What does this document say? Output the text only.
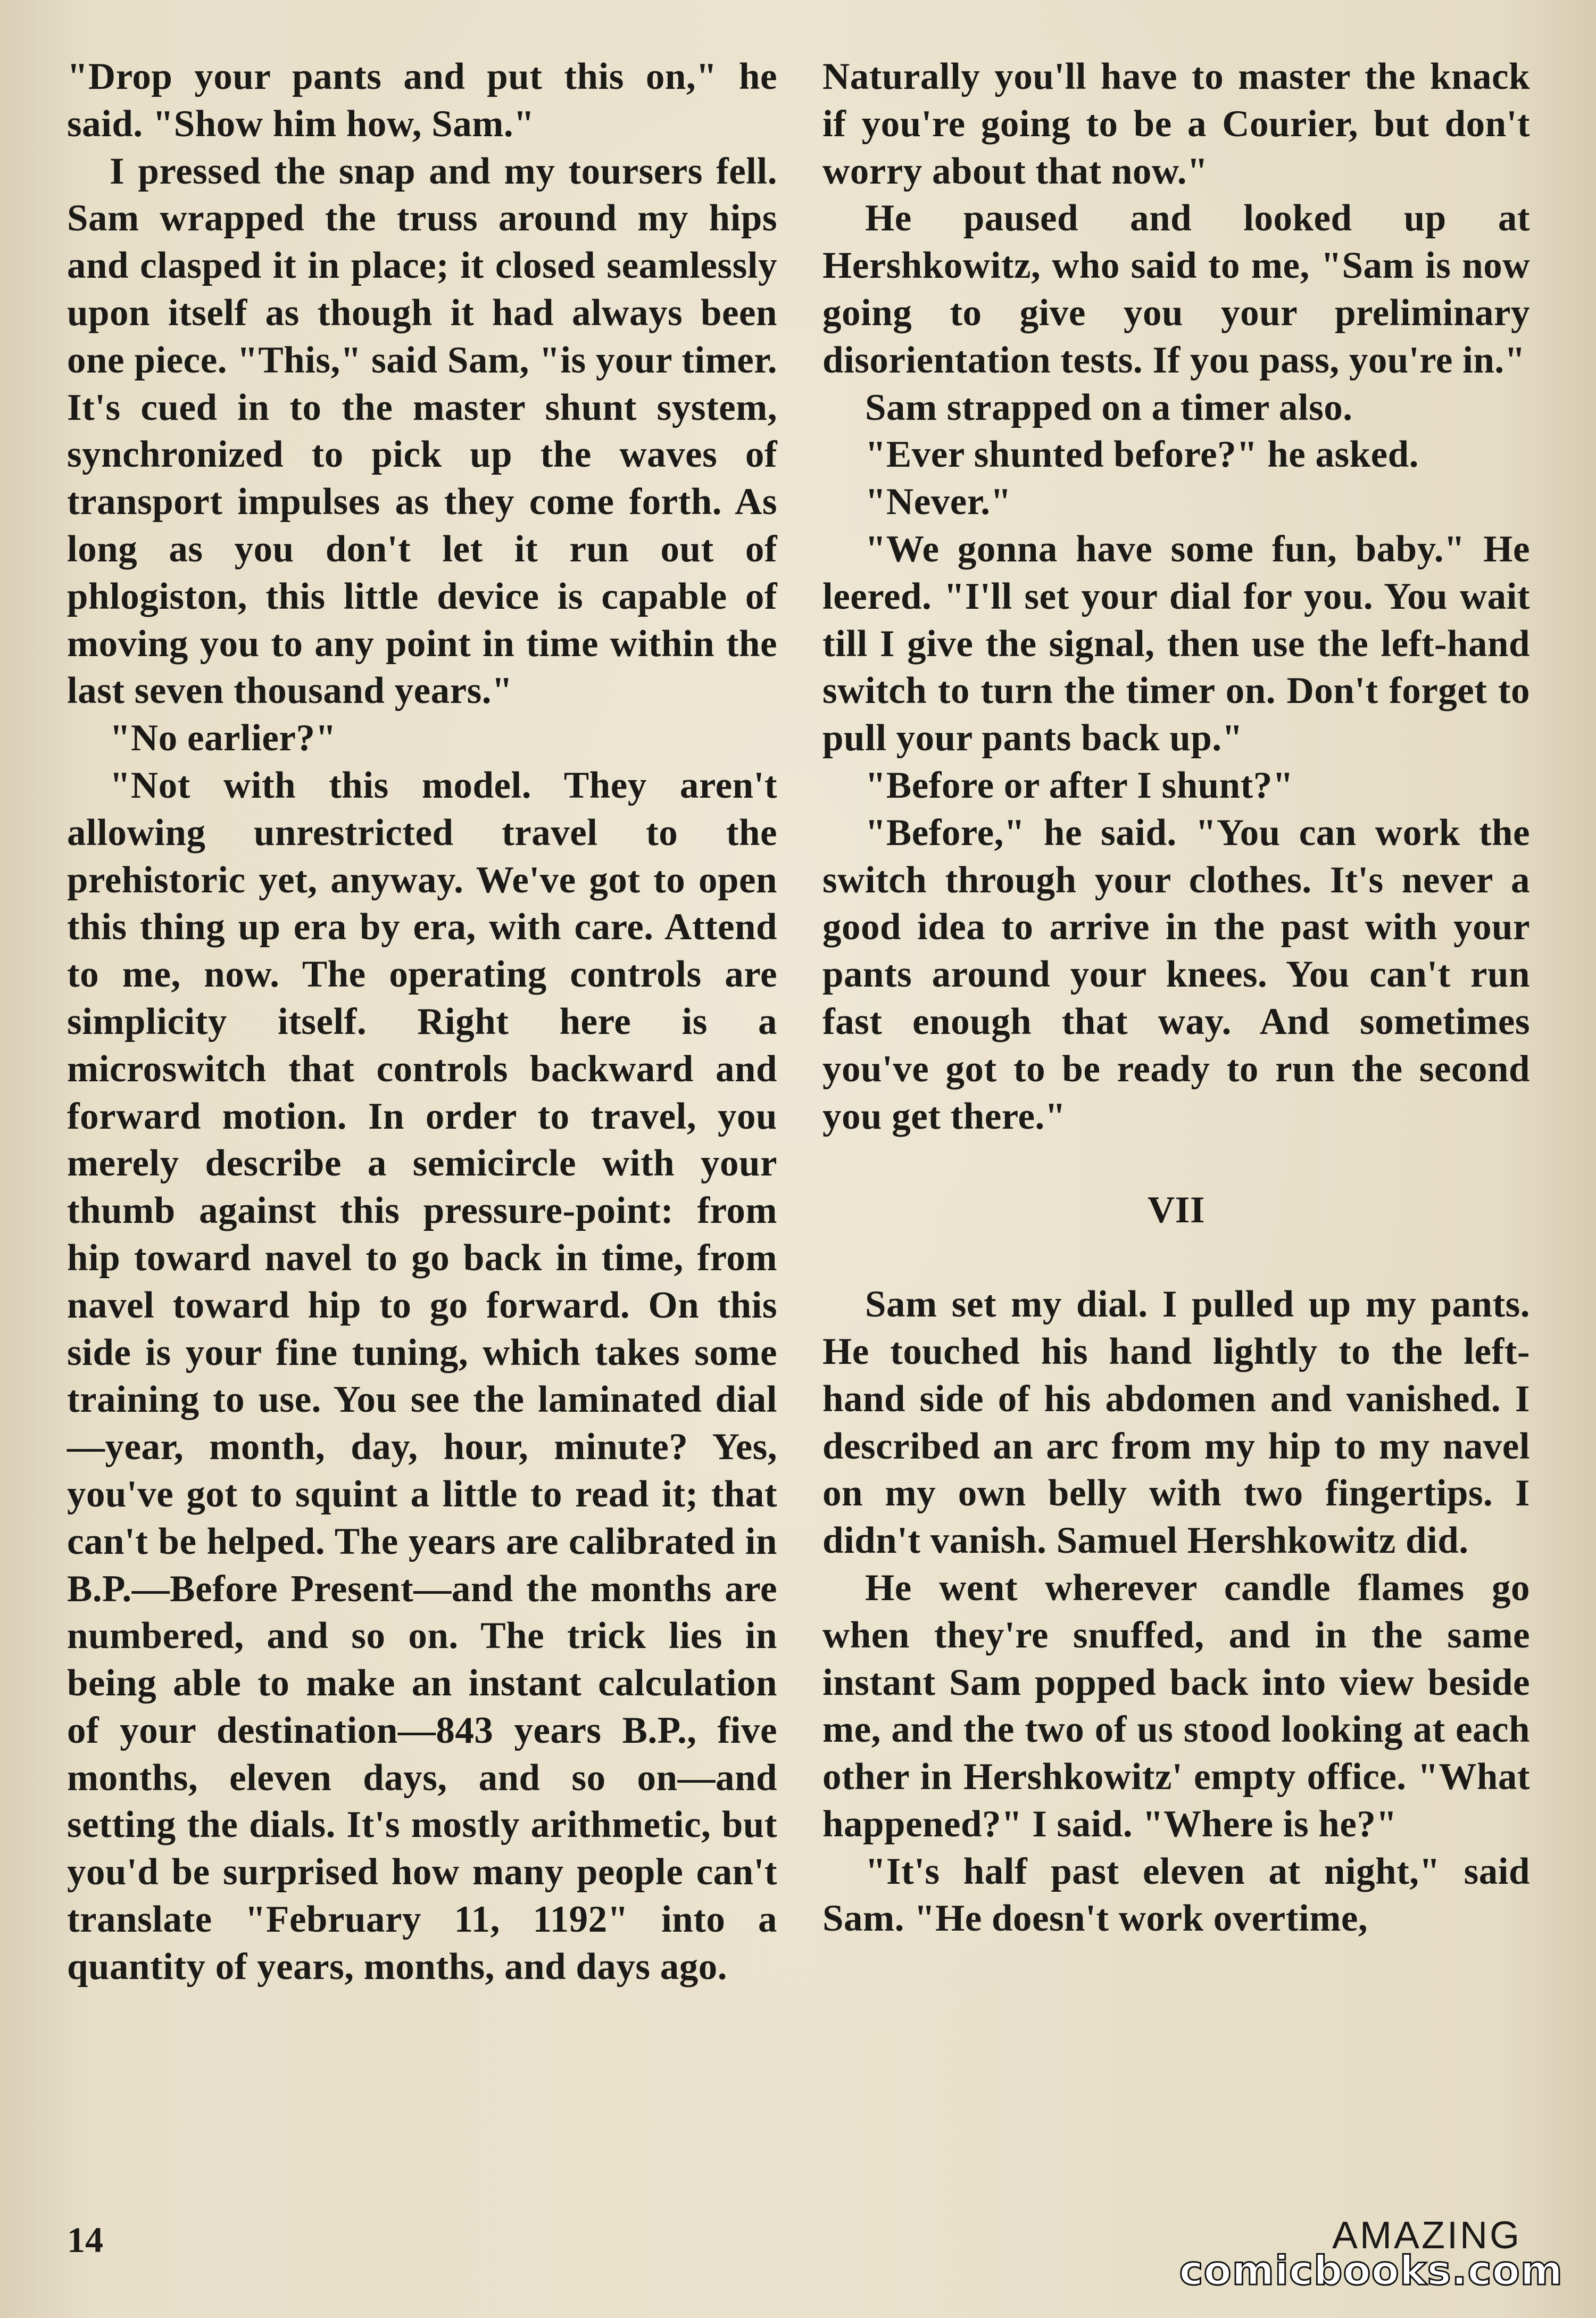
"Drop your pants and put this on," he said. "Show him how, Sam."

I pressed the snap and my toursers fell. Sam wrapped the truss around my hips and clasped it in place; it closed seamlessly upon itself as though it had always been one piece. "This," said Sam, "is your timer. It's cued in to the master shunt system, synchronized to pick up the waves of transport impulses as they come forth. As long as you don't let it run out of phlogiston, this little device is capable of moving you to any point in time within the last seven thousand years."

"No earlier?"

"Not with this model. They aren't allowing unrestricted travel to the prehistoric yet, anyway. We've got to open this thing up era by era, with care. Attend to me, now. The operating controls are simplicity itself. Right here is a microswitch that controls backward and forward motion. In order to travel, you merely describe a semicircle with your thumb against this pressure-point: from hip toward navel to go back in time, from navel toward hip to go forward. On this side is your fine tuning, which takes some training to use. You see the laminated dial—year, month, day, hour, minute? Yes, you've got to squint a little to read it; that can't be helped. The years are calibrated in B.P.—Before Present—and the months are numbered, and so on. The trick lies in being able to make an instant calculation of your destination—843 years B.P., five months, eleven days, and so on—and setting the dials. It's mostly arithmetic, but you'd be surprised how many people can't translate "February 11, 1192" into a quantity of years, months, and days ago.

Naturally you'll have to master the knack if you're going to be a Courier, but don't worry about that now."

He paused and looked up at Hershkowitz, who said to me, "Sam is now going to give you your preliminary disorientation tests. If you pass, you're in."

Sam strapped on a timer also.

"Ever shunted before?" he asked.

"Never."

"We gonna have some fun, baby." He leered. "I'll set your dial for you. You wait till I give the signal, then use the left-hand switch to turn the timer on. Don't forget to pull your pants back up."

"Before or after I shunt?"

"Before," he said. "You can work the switch through your clothes. It's never a good idea to arrive in the past with your pants around your knees. You can't run fast enough that way. And sometimes you've got to be ready to run the second you get there."

VII

Sam set my dial. I pulled up my pants. He touched his hand lightly to the left-hand side of his abdomen and vanished. I described an arc from my hip to my navel on my own belly with two fingertips. I didn't vanish. Samuel Hershkowitz did.

He went wherever candle flames go when they're snuffed, and in the same instant Sam popped back into view beside me, and the two of us stood looking at each other in Hershkowitz' empty office. "What happened?" I said. "Where is he?"

"It's half past eleven at night," said Sam. "He doesn't work overtime,

14	AMAZING
comicbooks.com
